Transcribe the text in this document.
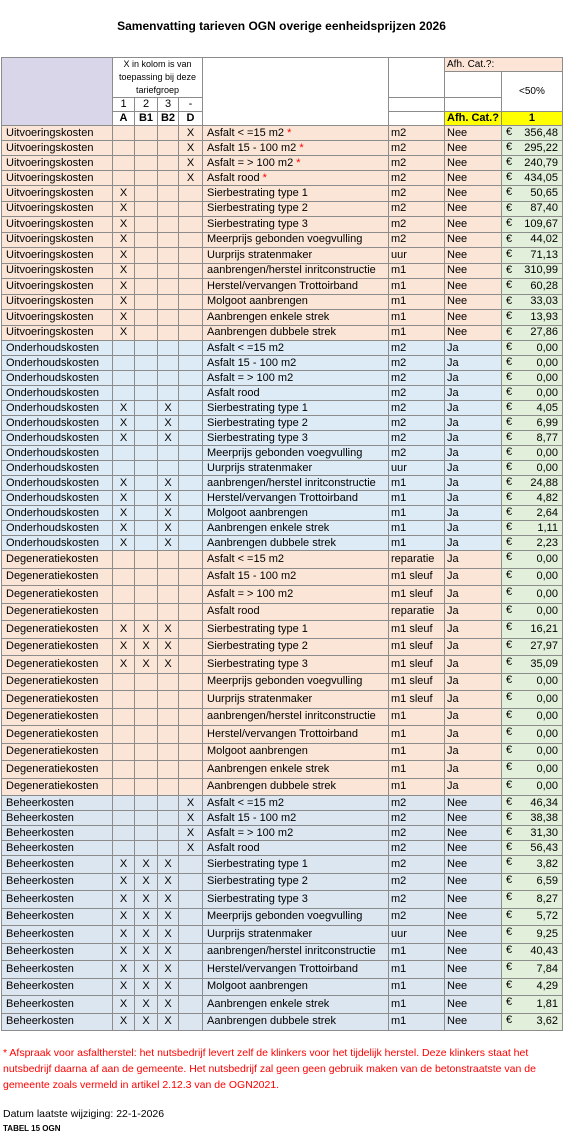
Samenvatting tarieven OGN overige eenheidsprijzen 2026
	X in kolom is van toepassing bij deze tariefgroep						Afh. Cat.?:	
								<50%
	1	2	3	-				
	A	B1	B2	D			Afh. Cat.?	1
Uitvoeringskosten				X	Asfalt < =15 m2 *	m2	Nee	€ 356,48
Uitvoeringskosten				X	Asfalt 15 - 100 m2 *	m2	Nee	€ 295,22
Uitvoeringskosten				X	Asfalt = > 100 m2 *	m2	Nee	€ 240,79
Uitvoeringskosten				X	Asfalt rood *	m2	Nee	€ 434,05
Uitvoeringskosten	X				Sierbestrating type 1	m2	Nee	€ 50,65
Uitvoeringskosten	X				Sierbestrating type 2	m2	Nee	€ 87,40
Uitvoeringskosten	X				Sierbestrating type 3	m2	Nee	€ 109,67
Uitvoeringskosten	X				Meerprijs gebonden voegvulling	m2	Nee	€ 44,02
Uitvoeringskosten	X				Uurprijs stratenmaker	uur	Nee	€ 71,13
Uitvoeringskosten	X				aanbrengen/herstel inritconstructie	m1	Nee	€ 310,99
Uitvoeringskosten	X				Herstel/vervangen Trottoirband	m1	Nee	€ 60,28
Uitvoeringskosten	X				Molgoot aanbrengen	m1	Nee	€ 33,03
Uitvoeringskosten	X				Aanbrengen enkele strek	m1	Nee	€ 13,93
Uitvoeringskosten	X				Aanbrengen dubbele strek	m1	Nee	€ 27,86
Onderhoudskosten					Asfalt < =15 m2	m2	Ja	€ 0,00
Onderhoudskosten					Asfalt 15 - 100 m2	m2	Ja	€ 0,00
Onderhoudskosten					Asfalt = > 100 m2	m2	Ja	€ 0,00
Onderhoudskosten					Asfalt rood	m2	Ja	€ 0,00
Onderhoudskosten	X		X		Sierbestrating type 1	m2	Ja	€ 4,05
Onderhoudskosten	X		X		Sierbestrating type 2	m2	Ja	€ 6,99
Onderhoudskosten	X		X		Sierbestrating type 3	m2	Ja	€ 8,77
Onderhoudskosten					Meerprijs gebonden voegvulling	m2	Ja	€ 0,00
Onderhoudskosten					Uurprijs stratenmaker	uur	Ja	€ 0,00
Onderhoudskosten	X		X		aanbrengen/herstel inritconstructie	m1	Ja	€ 24,88
Onderhoudskosten	X		X		Herstel/vervangen Trottoirband	m1	Ja	€ 4,82
Onderhoudskosten	X		X		Molgoot aanbrengen	m1	Ja	€ 2,64
Onderhoudskosten	X		X		Aanbrengen enkele strek	m1	Ja	€ 1,11
Onderhoudskosten	X		X		Aanbrengen dubbele strek	m1	Ja	€ 2,23
Degeneratiekosten					Asfalt < =15 m2	reparatie	Ja	€ 0,00
Degeneratiekosten					Asfalt 15 - 100 m2	m1 sleuf	Ja	€ 0,00
Degeneratiekosten					Asfalt = > 100 m2	m1 sleuf	Ja	€ 0,00
Degeneratiekosten					Asfalt rood	reparatie	Ja	€ 0,00
Degeneratiekosten	X	X	X		Sierbestrating type 1	m1 sleuf	Ja	€ 16,21
Degeneratiekosten	X	X	X		Sierbestrating type 2	m1 sleuf	Ja	€ 27,97
Degeneratiekosten	X	X	X		Sierbestrating type 3	m1 sleuf	Ja	€ 35,09
Degeneratiekosten					Meerprijs gebonden voegvulling	m1 sleuf	Ja	€ 0,00
Degeneratiekosten					Uurprijs stratenmaker	m1 sleuf	Ja	€ 0,00
Degeneratiekosten					aanbrengen/herstel inritconstructie	m1	Ja	€ 0,00
Degeneratiekosten					Herstel/vervangen Trottoirband	m1	Ja	€ 0,00
Degeneratiekosten					Molgoot aanbrengen	m1	Ja	€ 0,00
Degeneratiekosten					Aanbrengen enkele strek	m1	Ja	€ 0,00
Degeneratiekosten					Aanbrengen dubbele strek	m1	Ja	€ 0,00
Beheerkosten				X	Asfalt < =15 m2	m2	Nee	€ 46,34
Beheerkosten				X	Asfalt 15 - 100 m2	m2	Nee	€ 38,38
Beheerkosten				X	Asfalt = > 100 m2	m2	Nee	€ 31,30
Beheerkosten				X	Asfalt rood	m2	Nee	€ 56,43
Beheerkosten	X	X	X		Sierbestrating type 1	m2	Nee	€ 3,82
Beheerkosten	X	X	X		Sierbestrating type 2	m2	Nee	€ 6,59
Beheerkosten	X	X	X		Sierbestrating type 3	m2	Nee	€ 8,27
Beheerkosten	X	X	X		Meerprijs gebonden voegvulling	m2	Nee	€ 5,72
Beheerkosten	X	X	X		Uurprijs stratenmaker	uur	Nee	€ 9,25
Beheerkosten	X	X	X		aanbrengen/herstel inritconstructie	m1	Nee	€ 40,43
Beheerkosten	X	X	X		Herstel/vervangen Trottoirband	m1	Nee	€ 7,84
Beheerkosten	X	X	X		Molgoot aanbrengen	m1	Nee	€ 4,29
Beheerkosten	X	X	X		Aanbrengen enkele strek	m1	Nee	€ 1,81
Beheerkosten	X	X	X		Aanbrengen dubbele strek	m1	Nee	€ 3,62
* Afspraak voor asfaltherstel: het nutsbedrijf levert zelf de klinkers voor het tijdelijk herstel. Deze klinkers staat het nutsbedrijf daarna af aan de gemeente. Het nutsbedrijf zal geen geen gebruik maken van de betonstraatste van de gemeente zoals vermeld in artikel 2.12.3 van de OGN2021.
Datum laatste wijziging: 22-1-2026
TABEL 15 OGN
